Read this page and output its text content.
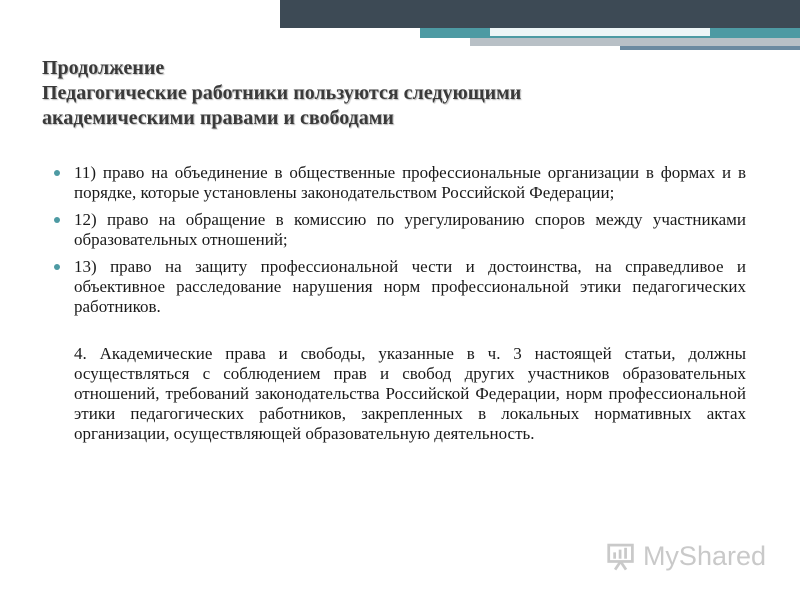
Продолжение
Педагогические работники пользуются следующими
академическими правами и свободами
11) право на объединение в общественные профессиональные организации в формах и в порядке, которые установлены законодательством Российской Федерации;
12) право на обращение в комиссию по урегулированию споров между участниками образовательных отношений;
13) право на защиту профессиональной чести и достоинства, на справедливое и объективное расследование нарушения норм профессиональной этики педагогических работников.
4. Академические права и свободы, указанные в ч. 3 настоящей статьи, должны осуществляться с соблюдением прав и свобод других участников образовательных отношений, требований законодательства Российской Федерации, норм профессиональной этики педагогических работников, закрепленных в локальных нормативных актах организации, осуществляющей образовательную деятельность.
MyShared
